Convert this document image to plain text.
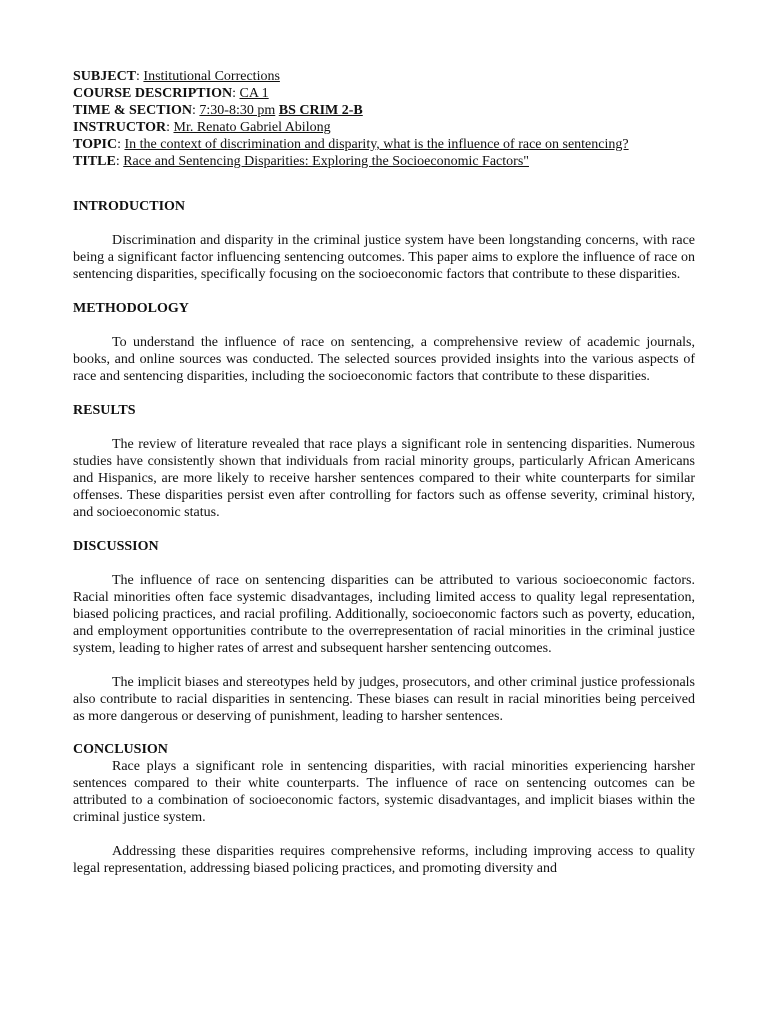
SUBJECT: Institutional Corrections
COURSE DESCRIPTION: CA 1
TIME & SECTION: 7:30-8:30 pm BS CRIM 2-B
INSTRUCTOR: Mr. Renato Gabriel Abilong
TOPIC: In the context of discrimination and disparity, what is the influence of race on sentencing?
TITLE: Race and Sentencing Disparities: Exploring the Socioeconomic Factors"
INTRODUCTION

Discrimination and disparity in the criminal justice system have been longstanding concerns, with race being a significant factor influencing sentencing outcomes. This paper aims to explore the influence of race on sentencing disparities, specifically focusing on the socioeconomic factors that contribute to these disparities.

METHODOLOGY

To understand the influence of race on sentencing, a comprehensive review of academic journals, books, and online sources was conducted. The selected sources provided insights into the various aspects of race and sentencing disparities, including the socioeconomic factors that contribute to these disparities.

RESULTS

The review of literature revealed that race plays a significant role in sentencing disparities. Numerous studies have consistently shown that individuals from racial minority groups, particularly African Americans and Hispanics, are more likely to receive harsher sentences compared to their white counterparts for similar offenses. These disparities persist even after controlling for factors such as offense severity, criminal history, and socioeconomic status.

DISCUSSION

The influence of race on sentencing disparities can be attributed to various socioeconomic factors. Racial minorities often face systemic disadvantages, including limited access to quality legal representation, biased policing practices, and racial profiling. Additionally, socioeconomic factors such as poverty, education, and employment opportunities contribute to the overrepresentation of racial minorities in the criminal justice system, leading to higher rates of arrest and subsequent harsher sentencing outcomes.

The implicit biases and stereotypes held by judges, prosecutors, and other criminal justice professionals also contribute to racial disparities in sentencing. These biases can result in racial minorities being perceived as more dangerous or deserving of punishment, leading to harsher sentences.

CONCLUSION

Race plays a significant role in sentencing disparities, with racial minorities experiencing harsher sentences compared to their white counterparts. The influence of race on sentencing outcomes can be attributed to a combination of socioeconomic factors, systemic disadvantages, and implicit biases within the criminal justice system.

Addressing these disparities requires comprehensive reforms, including improving access to quality legal representation, addressing biased policing practices, and promoting diversity and
